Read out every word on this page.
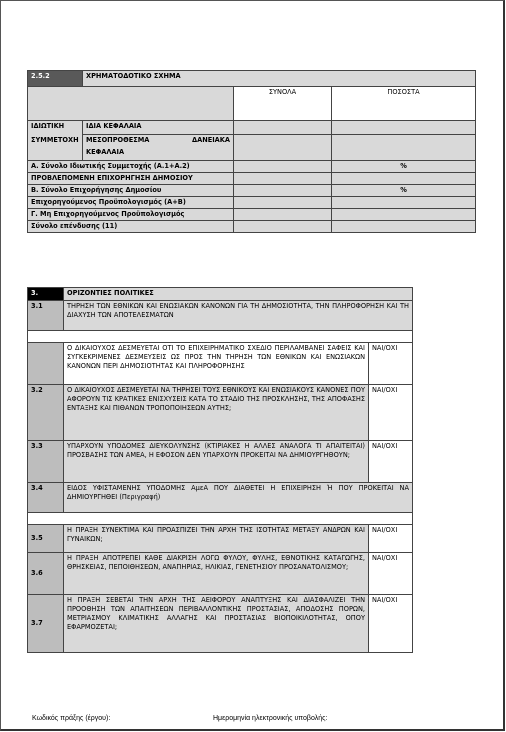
2.5.2	ΧΡΗΜΑΤΟΔΟΤΙΚΟ ΣΧΗΜΑ		
		ΣΥΝΟΛΑ	ΠΟΣΟΣΤΑ
ΙΔΙΩΤΙΚΗ	ΙΔΙΑ ΚΕΦΑΛΑΙΑ		
ΣΥΜΜΕΤΟΧΗ	ΜΕΣΟΠΡΟΘΕΣΜΑ ΔΑΝΕΙΑΚΑ		
	ΚΕΦΑΛΑΙΑ		
Α. Σύνολο Ιδιωτικής Συμμετοχής (Α.1+Α.2)			%
ΠΡΟΒΛΕΠΟΜΕΝΗ ΕΠΙΧΟΡΗΓΗΣΗ ΔΗΜΟΣΙΟΥ			
Β. Σύνολο Επιχορήγησης Δημοσίου			%
Επιχορηγούμενος Προϋπολογισμός (Α+Β)			
Γ. Μη Επιχορηγούμενος Προϋπολογισμός			
Σύνολο επένδυσης (11)			
3.	ΟΡΙΖΟΝΤΙΕΣ ΠΟΛΙΤΙΚΕΣ	
3.1	ΤΗΡΗΣΗ ΤΩΝ ΕΘΝΙΚΩΝ ΚΑΙ ΕΝΩΣΙΑΚΩΝ ΚΑΝΟΝΩΝ ΓΙΑ ΤΗ ΔΗΜΟΣΙΟΤΗΤΑ, ΤΗΝ ΠΛΗΡΟΦΟΡΗΣΗ ΚΑΙ ΤΗ ΔΙΑΧΥΣΗ ΤΩΝ ΑΠΟΤΕΛΕΣΜΑΤΩΝ	

	Ο ΔΙΚΑΙΟΥΧΟΣ ΔΕΣΜΕΥΕΤΑΙ ΟΤΙ ΤΟ ΕΠΙΧΕΙΡΗΜΑΤΙΚΟ ΣΧΕΔΙΟ ΠΕΡΙΛΑΜΒΑΝΕΙ ΣΑΦΕΙΣ ΚΑΙ ΣΥΓΚΕΚΡΙΜΕΝΕΣ ΔΕΣΜΕΥΣΕΙΣ ΩΣ ΠΡΟΣ ΤΗΝ ΤΗΡΗΣΗ ΤΩΝ ΕΘΝΙΚΩΝ ΚΑΙ ΕΝΩΣΙΑΚΩΝ ΚΑΝΟΝΩΝ ΠΕΡΙ ΔΗΜΟΣΙΟΤΗΤΑΣ ΚΑΙ ΠΛΗΡΟΦΟΡΗΣΗΣ	ΝΑΙ/ΟΧΙ
3.2	Ο ΔΙΚΑΙΟΥΧΟΣ ΔΕΣΜΕΥΕΤΑΙ ΝΑ ΤΗΡΗΣΕΙ ΤΟΥΣ ΕΘΝΙΚΟΥΣ ΚΑΙ ΕΝΩΣΙΑΚΟΥΣ ΚΑΝΟΝΕΣ ΠΟΥ ΑΦΟΡΟΥΝ ΤΙΣ ΚΡΑΤΙΚΕΣ ΕΝΙΣΧΥΣΕΙΣ ΚΑΤΑ ΤΟ ΣΤΑΔΙΟ ΤΗΣ ΠΡΟΣΚΛΗΣΗΣ, ΤΗΣ ΑΠΟΦΑΣΗΣ ΕΝΤΑΞΗΣ ΚΑΙ ΠΙΘΑΝΩΝ ΤΡΟΠΟΠΟΙΗΣΕΩΝ ΑΥΤΗΣ;	ΝΑΙ/ΟΧΙ
3.3	ΥΠΑΡΧΟΥΝ ΥΠΟΔΟΜΕΣ ΔΙΕΥΚΟΛΥΝΣΗΣ (ΚΤΙΡΙΑΚΕΣ Η ΑΛΛΕΣ ΑΝΑΛΟΓΑ ΤΙ ΑΠΑΙΤΕΙΤΑΙ) ΠΡΟΣΒΑΣΗΣ ΤΩΝ ΑΜΕΑ, Η ΕΦΟΣΟΝ ΔΕΝ ΥΠΑΡΧΟΥΝ ΠΡΟΚΕΙΤΑΙ ΝΑ ΔΗΜΙΟΥΡΓΗΘΟΥΝ;	ΝΑΙ/ΟΧΙ
3.4	ΕΙΔΟΣ ΥΦΙΣΤΑΜΕΝΗΣ ΥΠΟΔΟΜΗΣ ΑμεΑ ΠΟΥ ΔΙΑΘΕΤΕΙ Η ΕΠΙΧΕΙΡΗΣΗ Ή ΠΟΥ ΠΡΟΚΕΙΤΑΙ ΝΑ ΔΗΜΙΟΥΡΓΗΘΕΙ (Περιγραφή)	

3.5	Η ΠΡΑΞΗ ΣΥΝΕΚΤΙΜΑ ΚΑΙ ΠΡΟΑΣΠΙΖΕΙ ΤΗΝ ΑΡΧΗ ΤΗΣ ΙΣΟΤΗΤΑΣ ΜΕΤΑΞΥ ΑΝΔΡΩΝ ΚΑΙ ΓΥΝΑΙΚΩΝ;	ΝΑΙ/ΟΧΙ
3.6	Η ΠΡΑΞΗ ΑΠΟΤΡΕΠΕΙ ΚΑΘΕ ΔΙΑΚΡΙΣΗ ΛΟΓΩ ΦΥΛΟΥ, ΦΥΛΗΣ, ΕΘΝΟΤΙΚΗΣ ΚΑΤΑΓΩΓΗΣ, ΘΡΗΣΚΕΙΑΣ, ΠΕΠΟΙΘΗΣΕΩΝ, ΑΝΑΠΗΡΙΑΣ, ΗΛΙΚΙΑΣ, ΓΕΝΕΤΗΣΙΟΥ ΠΡΟΣΑΝΑΤΟΛΙΣΜΟΥ;	ΝΑΙ/ΟΧΙ
3.7	Η ΠΡΑΞΗ ΣΕΒΕΤΑΙ ΤΗΝ ΑΡΧΗ ΤΗΣ ΑΕΙΦΟΡΟΥ ΑΝΑΠΤΥΞΗΣ ΚΑΙ ΔΙΑΣΦΑΛΙΖΕΙ ΤΗΝ ΠΡΟΟΘΗΣΗ ΤΩΝ ΑΠΑΙΤΗΣΕΩΝ ΠΕΡΙΒΑΛΛΟΝΤΙΚΗΣ ΠΡΟΣΤΑΣΙΑΣ, ΑΠΟΔΟΣΗΣ ΠΟΡΩΝ, ΜΕΤΡΙΑΣΜΟΥ ΚΛΙΜΑΤΙΚΗΣ ΑΛΛΑΓΗΣ ΚΑΙ ΠΡΟΣΤΑΣΙΑΣ ΒΙΟΠΟΙΚΙΛΟΤΗΤΑΣ, ΟΠΟΥ ΕΦΑΡΜΟΖΕΤΑΙ;	ΝΑΙ/ΟΧΙ
Κωδικός πράξης (έργου):	Ημερομηνία ηλεκτρονικής υποβολής:
